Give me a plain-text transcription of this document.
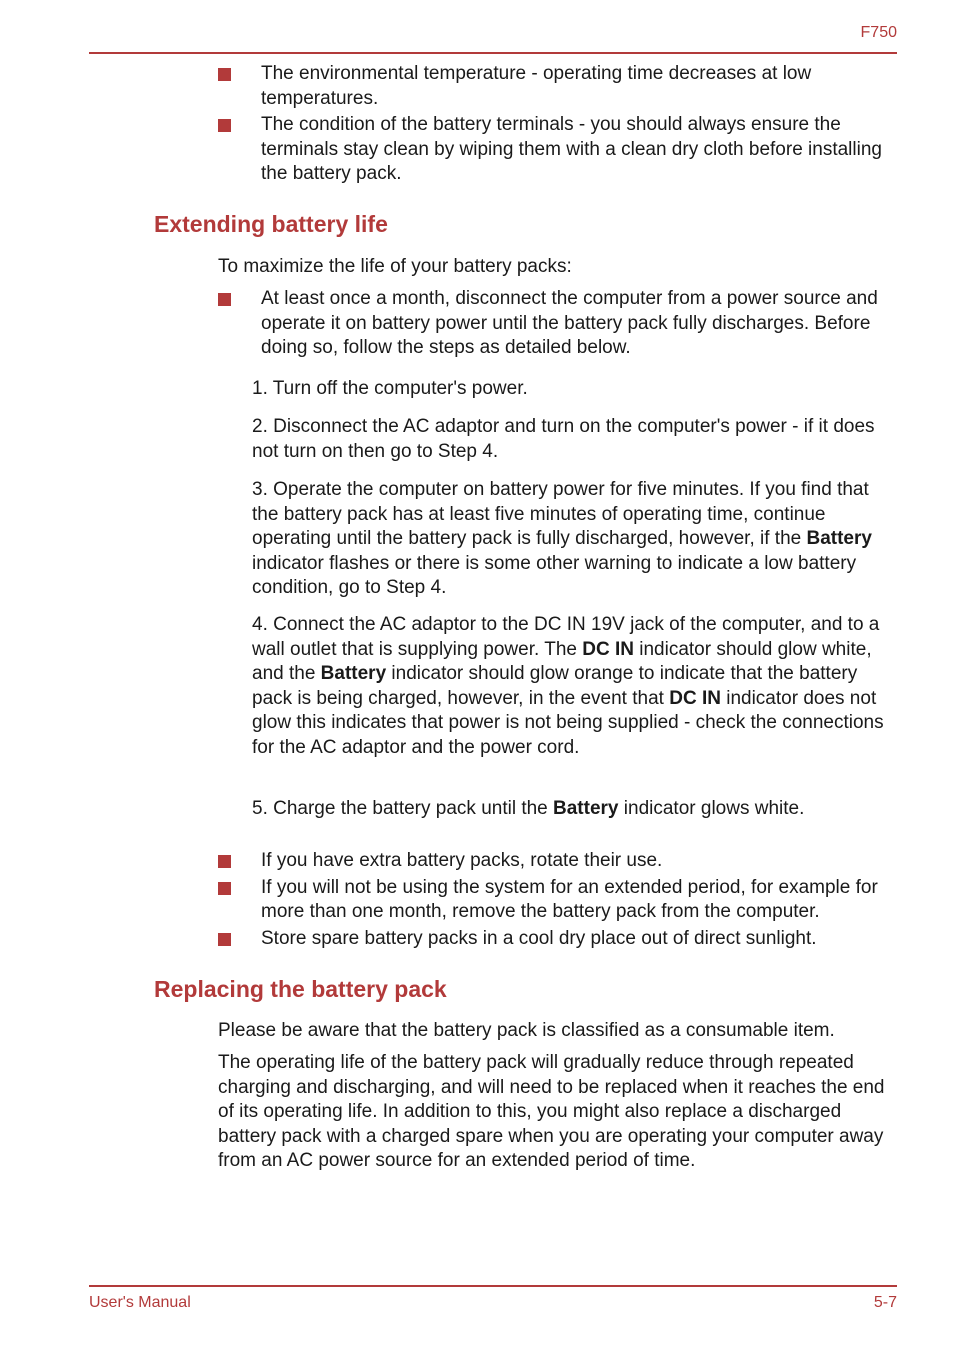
F750
The environmental temperature - operating time decreases at low temperatures.
The condition of the battery terminals - you should always ensure the terminals stay clean by wiping them with a clean dry cloth before installing the battery pack.
Extending battery life

To maximize the life of your battery packs:

At least once a month, disconnect the computer from a power source and operate it on battery power until the battery pack fully discharges. Before doing so, follow the steps as detailed below.

1. Turn off the computer's power.

2. Disconnect the AC adaptor and turn on the computer's power - if it does not turn on then go to Step 4.

3. Operate the computer on battery power for five minutes. If you find that the battery pack has at least five minutes of operating time, continue operating until the battery pack is fully discharged, however, if the Battery indicator flashes or there is some other warning to indicate a low battery condition, go to Step 4.

4. Connect the AC adaptor to the DC IN 19V jack of the computer, and to a wall outlet that is supplying power. The DC IN indicator should glow white, and the Battery indicator should glow orange to indicate that the battery pack is being charged, however, in the event that DC IN indicator does not glow this indicates that power is not being supplied - check the connections for the AC adaptor and the power cord.

5. Charge the battery pack until the Battery indicator glows white.

If you have extra battery packs, rotate their use.
If you will not be using the system for an extended period, for example for more than one month, remove the battery pack from the computer.
Store spare battery packs in a cool dry place out of direct sunlight.
Replacing the battery pack

Please be aware that the battery pack is classified as a consumable item.

The operating life of the battery pack will gradually reduce through repeated charging and discharging, and will need to be replaced when it reaches the end of its operating life. In addition to this, you might also replace a discharged battery pack with a charged spare when you are operating your computer away from an AC power source for an extended period of time.

User's Manual	5-7
